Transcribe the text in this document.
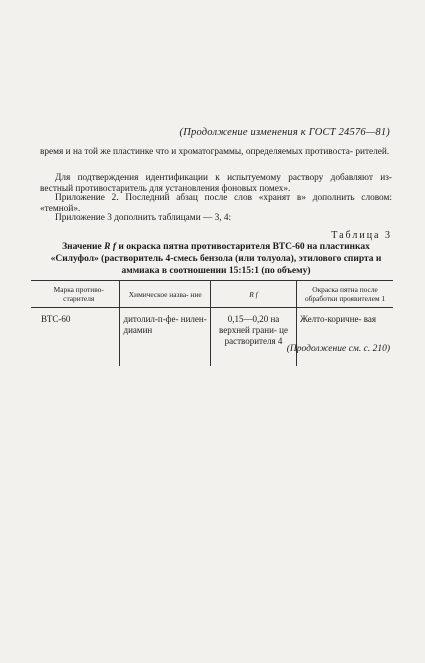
(Продолжение изменения к ГОСТ 24576—81)

время и на той же пластинке что и хроматограммы, определяемых противоста- рителей.

Для подтверждения идентификации к испытуемому раствору добавляют из- вестный противостаритель для установления фоновых помех».

Приложение 2. Последний абзац после слов «хранят в» дополнить словом: «темной».

Приложение 3 дополнить таблицами — 3, 4:

Таблица 3
Значение R f и окраска пятна противостарителя ВТС-60 на пластинках «Силуфол» (растворитель 4-смесь бензола (или толуола), этилового спирта и аммиака в соотношении 15:15:1 (по объему)
Марка противо- старителя	Химическое назва- ние	R f	Окраска пятна после обработки проявителем 1
ВТС-60	дитолил-п-фе- нилен-диамин	0,15—0,20 на верхней грани- це растворителя 4	Желто-коричне- вая
(Продолжение см. с. 210)
